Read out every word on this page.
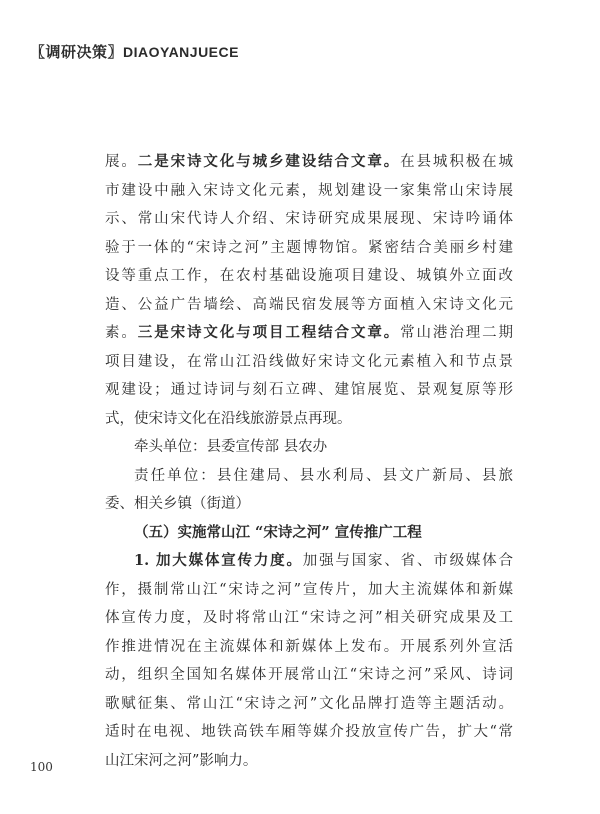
〖调研决策〗DIAOYANJUECE
展。二是宋诗文化与城乡建设结合文章。在县城积极在城
市建设中融入宋诗文化元素，规划建设一家集常山宋诗展
示、常山宋代诗人介绍、宋诗研究成果展现、宋诗吟诵体
验于一体的“宋诗之河”主题博物馆。紧密结合美丽乡村建
设等重点工作，在农村基础设施项目建设、城镇外立面改
造、公益广告墙绘、高端民宿发展等方面植入宋诗文化元
素。三是宋诗文化与项目工程结合文章。常山港治理二期
项目建设，在常山江沿线做好宋诗文化元素植入和节点景
观建设；通过诗词与刻石立碑、建馆展览、景观复原等形
式，使宋诗文化在沿线旅游景点再现。
牵头单位：县委宣传部 县农办
责任单位：县住建局、县水利局、县文广新局、县旅
委、相关乡镇（街道）
（五）实施常山江 “宋诗之河” 宣传推广工程
1. 加大媒体宣传力度。加强与国家、省、市级媒体合
作，摄制常山江“宋诗之河”宣传片，加大主流媒体和新媒
体宣传力度，及时将常山江“宋诗之河”相关研究成果及工
作推进情况在主流媒体和新媒体上发布。开展系列外宣活
动，组织全国知名媒体开展常山江“宋诗之河”采风、诗词
歌赋征集、常山江“宋诗之河”文化品牌打造等主题活动。
适时在电视、地铁高铁车厢等媒介投放宣传广告，扩大“常
山江宋河之河”影响力。
100
